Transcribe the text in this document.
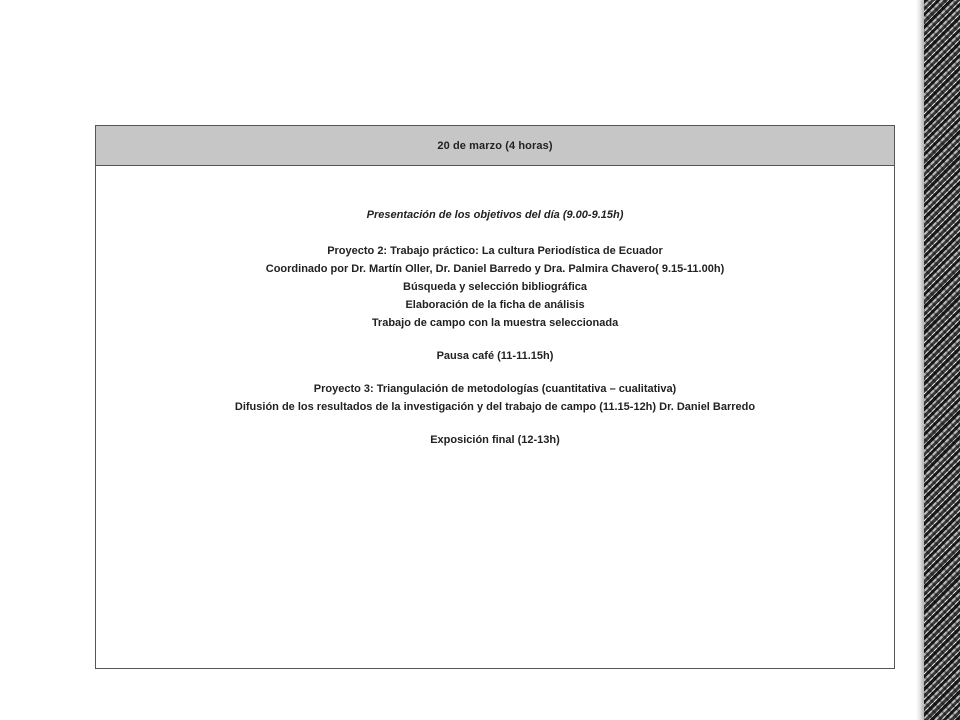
20 de marzo (4 horas)
Presentación de los objetivos del día (9.00-9.15h)
Proyecto 2: Trabajo práctico: La cultura Periodística de Ecuador
Coordinado por Dr. Martín Oller, Dr. Daniel Barredo y Dra. Palmira Chavero( 9.15-11.00h)
Búsqueda y selección bibliográfica
Elaboración de la ficha de análisis
Trabajo de campo con la muestra seleccionada
Pausa café (11-11.15h)
Proyecto 3: Triangulación de metodologías (cuantitativa – cualitativa)
Difusión de los resultados de la investigación y del trabajo de campo (11.15-12h) Dr. Daniel Barredo
Exposición final (12-13h)
